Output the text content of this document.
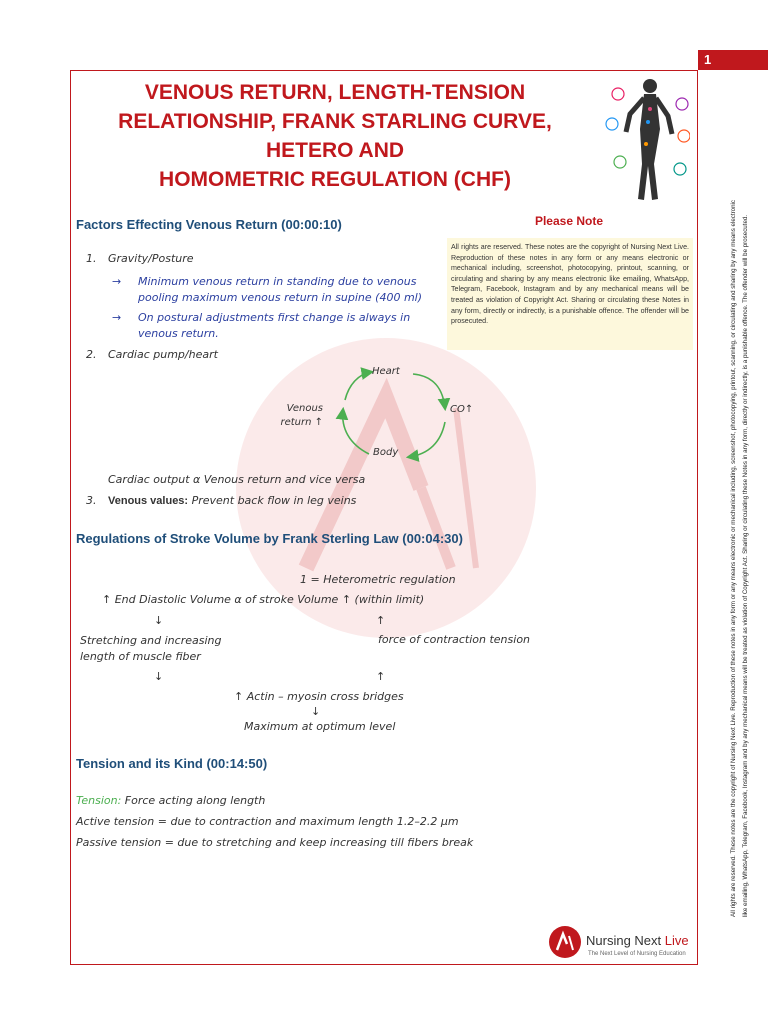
1
All rights are reserved. These notes are the copyright of Nursing Next Live. Reproduction of these notes in any form or any means electronic or mechanical including, screenshot, photocopying, printout, scanning, or circulating and sharing by any means electronic like emailing, WhatsApp, Telegram, Facebook, Instagram and by any mechanical means will be treated as violation of Copyright Act. Sharing or circulating these Notes in any form, directly or indirectly, is a punishable offence. The offender will be prosecuted.
VENOUS RETURN, LENGTH-TENSION
RELATIONSHIP, FRANK STARLING CURVE,
HETERO AND
HOMOMETRIC REGULATION (CHF)
Factors Effecting Venous Return (00:00:10)
1. Gravity/Posture
→ Minimum venous return in standing due to venous
pooling maximum venous return in supine (400 ml)
→ On postural adjustments first change is always in
venous return.
2. Cardiac pump/heart
Heart
Body
CO↑
Venous
return ↑
Cardiac output α Venous return and vice versa
3. Venous values: Prevent back flow in leg veins
Please Note
All rights are reserved. These notes are the copyright of Nursing Next Live. Reproduction of these notes in any form or any means electronic or mechanical including, screenshot, photocopying, printout, scanning, or circulating and sharing by any means electronic like emailing, WhatsApp, Telegram, Facebook, Instagram and by any mechanical means will be treated as violation of Copyright Act. Sharing or circulating these Notes in any form, directly or indirectly, is a punishable offence. The offender will be prosecuted.
Regulations of Stroke Volume by Frank Sterling Law (00:04:30)
1 = Heterometric regulation
↑ End Diastolic Volume α of stroke Volume ↑ (within limit)
↓	↑
Stretching and increasing
length of muscle fiber
force of contraction tension
↓	↑
↑ Actin – myosin cross bridges
↓
Maximum at optimum level
Tension and its Kind (00:14:50)
Tension: Force acting along length
Active tension = due to contraction and maximum length 1.2–2.2 μm
Passive tension = due to stretching and keep increasing till fibers break
Nursing Next Live
The Next Level of Nursing Education
